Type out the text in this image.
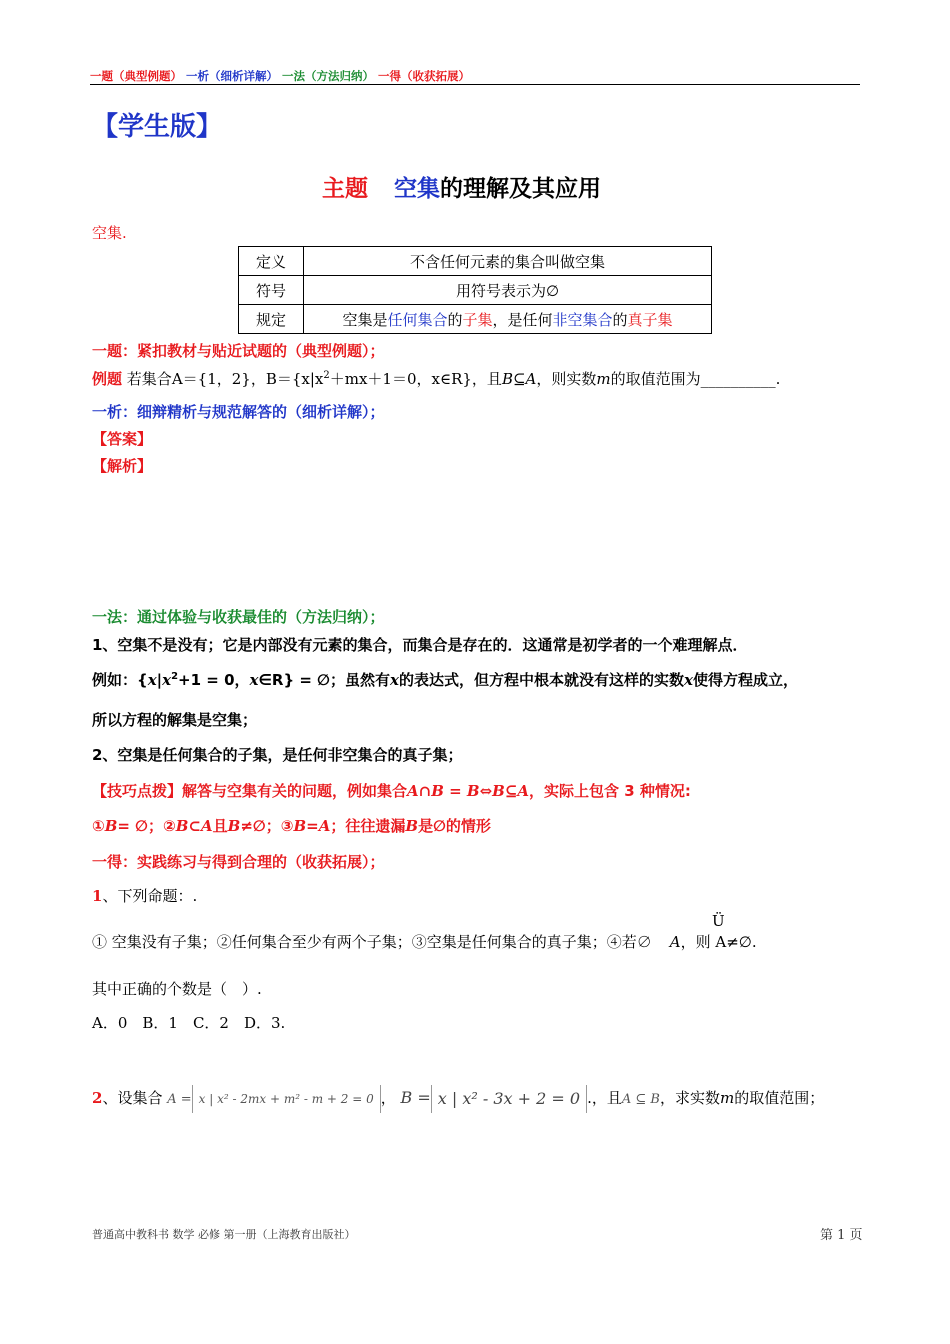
一题（典型例题） 一析（细析详解） 一法（方法归纳） 一得（收获拓展）
【学生版】
主题 空集的理解及其应用
空集.
定义	不含任何元素的集合叫做空集
符号	用符号表示为∅
规定	空集是任何集合的子集，是任何非空集合的真子集
一题：紧扣教材与贴近试题的（典型例题）；
例题 若集合A＝{1，2}，$B=\{x|x^2+mx+1=0$，x∈R}，且B⊆A，则实数m的取值范围为__________.
一析：细辩精析与规范解答的（细析详解）；
【答案】
【解析】
一法：通过体验与收获最佳的（方法归纳）；
1、空集不是没有；它是内部没有元素的集合，而集合是存在的．这通常是初学者的一个难理解点．
例如：{$x|x^2+1 = 0$，x∈R} = ∅；虽然有x的表达式，但方程中根本就没有这样的实数x使得方程成立，
所以方程的解集是空集；
2、空集是任何集合的子集，是任何非空集合的真子集；
【技巧点拨】解答与空集有关的问题，例如集合A∩B = B⇔B⊆A，实际上包含 3 种情况:
①B= ∅；②B⊂A且B≠∅；③B=A；往往遗漏B是∅的情形
一得：实践练习与得到合理的（收获拓展）；
1、下列命题：.
Ü
① 空集没有子集；②任何集合至少有两个子集；③空集是任何集合的真子集；④若∅ A，则 A≠∅.
其中正确的个数是（　）.
A．0　B．1　C．2　D．3.
2、设集合 A = x | x² - 2mx + m² - m + 2 = 0 ， B = x | x² - 3x + 2 = 0 .，且A ⊆ B，求实数m的取值范围；
普通高中教科书 数学 必修 第一册（上海教育出版社）	第 1 页
